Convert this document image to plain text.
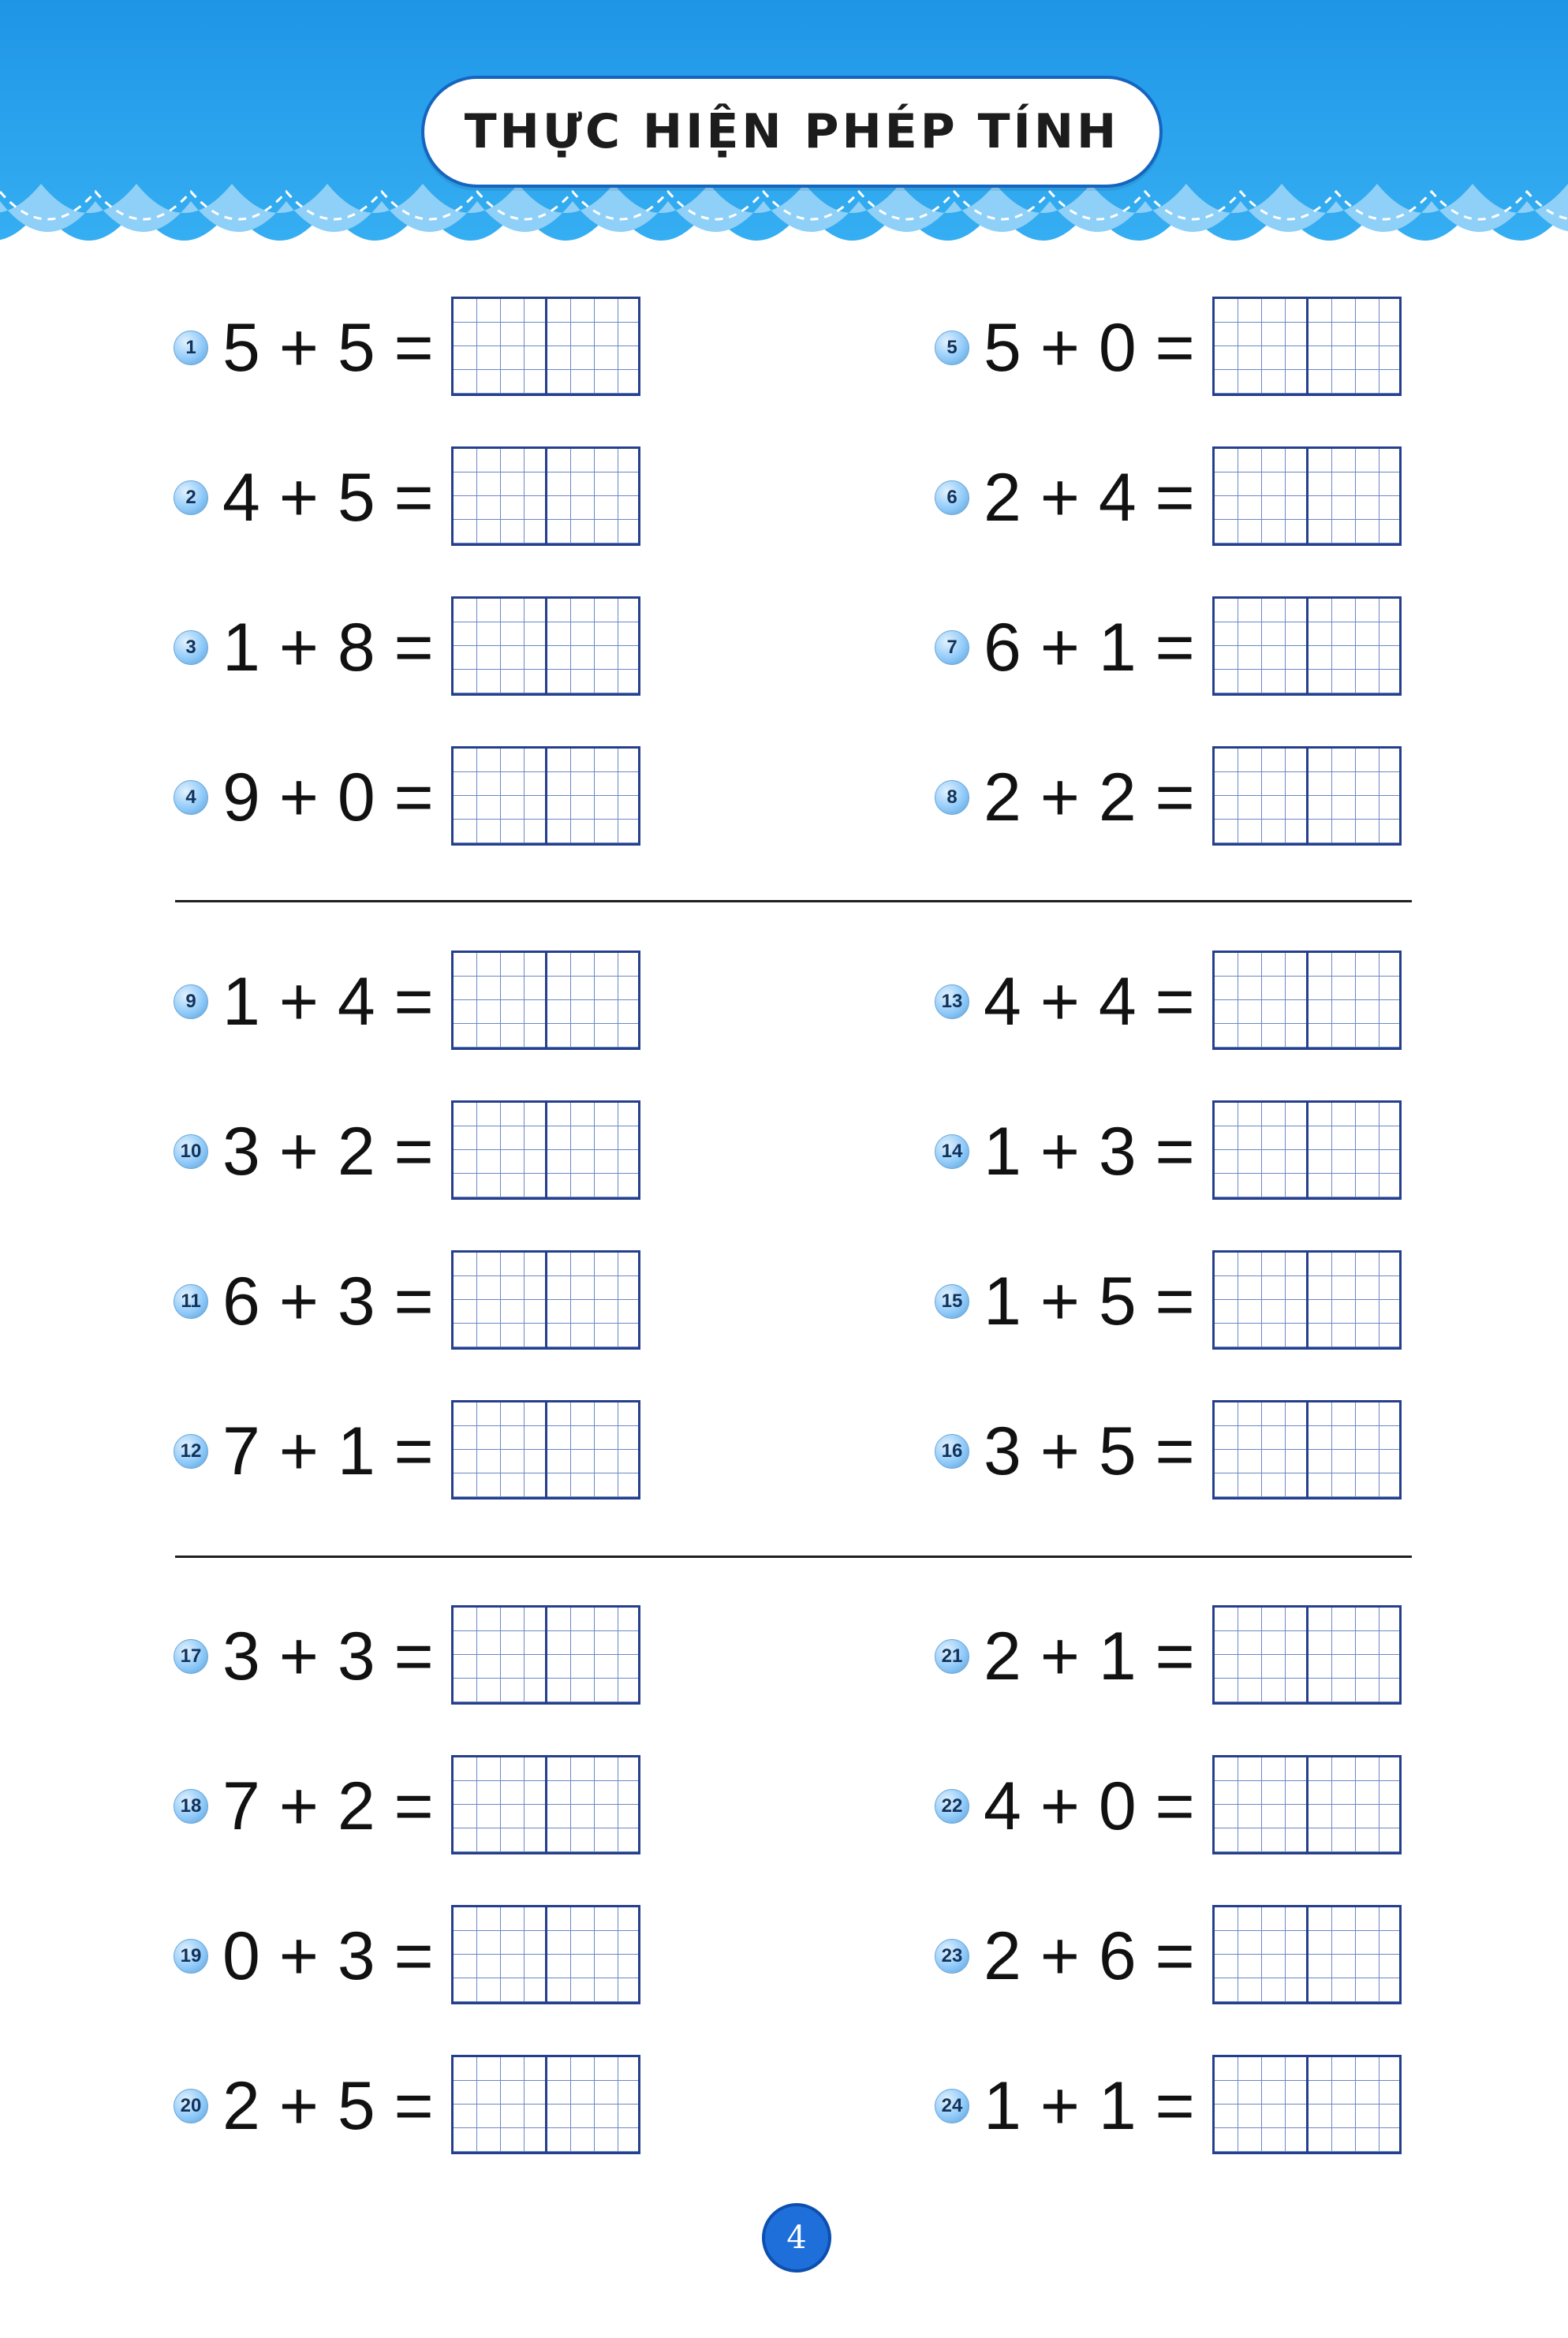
THỰC HIỆN PHÉP TÍNH
1 5 + 5 =
2 4 + 5 =
3 1 + 8 =
4 9 + 0 =
5 5 + 0 =
6 2 + 4 =
7 6 + 1 =
8 2 + 2 =
9 1 + 4 =
10 3 + 2 =
11 6 + 3 =
12 7 + 1 =
13 4 + 4 =
14 1 + 3 =
15 1 + 5 =
16 3 + 5 =
17 3 + 3 =
18 7 + 2 =
19 0 + 3 =
20 2 + 5 =
21 2 + 1 =
22 4 + 0 =
23 2 + 6 =
24 1 + 1 =
4
